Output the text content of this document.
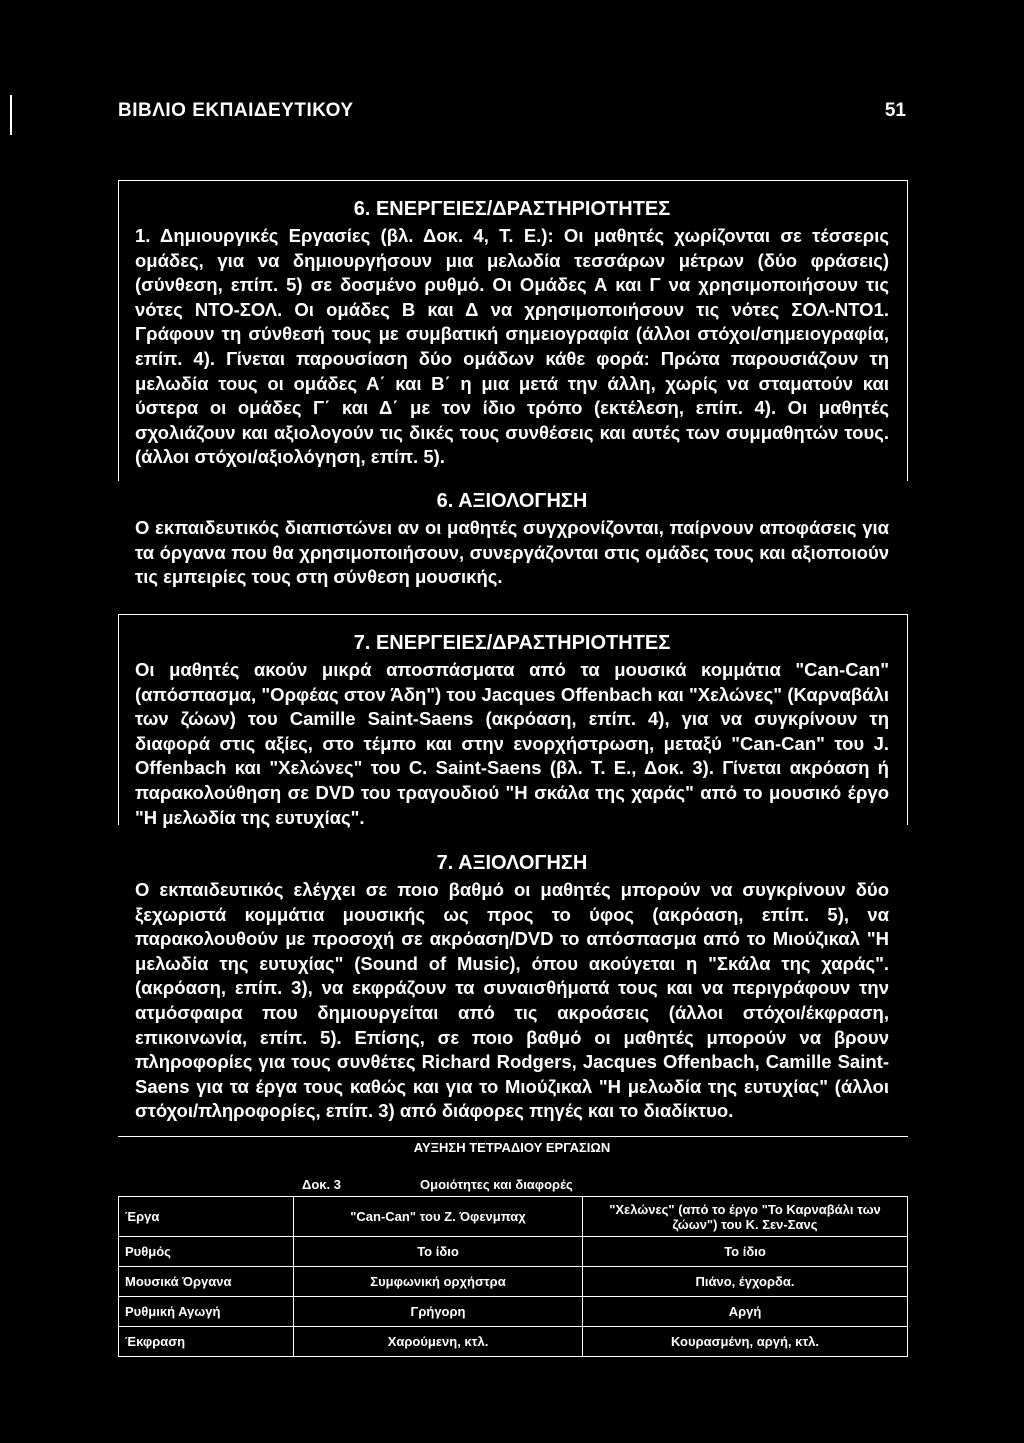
ΒΙΒΛΙΟ ΕΚΠΑΙΔΕΥΤΙΚΟΥ	51
6. ΕΝΕΡΓΕΙΕΣ/ΔΡΑΣΤΗΡΙΟΤΗΤΕΣ
1. Δημιουργικές Εργασίες (βλ. Δοκ. 4, Τ. Ε.): Οι μαθητές χωρίζονται σε τέσσερις ομάδες, για να δημιουργήσουν μια μελωδία τεσσάρων μέτρων (δύο φράσεις) (σύνθεση, επίπ. 5) σε δοσμένο ρυθμό. Οι Ομάδες Α και Γ να χρησιμοποιήσουν τις νότες ΝΤΟ-ΣΟΛ. Οι ομάδες Β και Δ να χρησιμοποιήσουν τις νότες ΣΟΛ-ΝΤΟ1. Γράφουν τη σύνθεσή τους με συμβατική σημειογραφία (άλλοι στόχοι/σημειογραφία, επίπ. 4). Γίνεται παρουσίαση δύο ομάδων κάθε φορά: Πρώτα παρουσιάζουν τη μελωδία τους οι ομάδες Α΄ και Β΄ η μια μετά την άλλη, χωρίς να σταματούν και ύστερα οι ομάδες Γ΄ και Δ΄ με τον ίδιο τρόπο (εκτέλεση, επίπ. 4). Οι μαθητές σχολιάζουν και αξιολογούν τις δικές τους συνθέσεις και αυτές των συμμαθητών τους. (άλλοι στόχοι/αξιολόγηση, επίπ. 5).
6. ΑΞΙΟΛΟΓΗΣΗ
Ο εκπαιδευτικός διαπιστώνει αν οι μαθητές συγχρονίζονται, παίρνουν αποφάσεις για τα όργανα που θα χρησιμοποιήσουν, συνεργάζονται στις ομάδες τους και αξιοποιούν τις εμπειρίες τους στη σύνθεση μουσικής.
7. ΕΝΕΡΓΕΙΕΣ/ΔΡΑΣΤΗΡΙΟΤΗΤΕΣ
Οι μαθητές ακούν μικρά αποσπάσματα από τα μουσικά κομμάτια "Can-Can" (απόσπασμα, "Ορφέας στον Άδη") του Jacques Offenbach και "Χελώνες" (Καρναβάλι των ζώων) του Camille Saint-Saens (ακρόαση, επίπ. 4), για να συγκρίνουν τη διαφορά στις αξίες, στο τέμπο και στην ενορχήστρωση, μεταξύ "Can-Can" του J. Offenbach και "Χελώνες" του C. Saint-Saens (βλ. Τ. Ε., Δοκ. 3). Γίνεται ακρόαση ή παρακολούθηση σε DVD του τραγουδιού "Η σκάλα της χαράς" από το μουσικό έργο "Η μελωδία της ευτυχίας".
7. ΑΞΙΟΛΟΓΗΣΗ
Ο εκπαιδευτικός ελέγχει σε ποιο βαθμό οι μαθητές μπορούν να συγκρίνουν δύο ξεχωριστά κομμάτια μουσικής ως προς το ύφος (ακρόαση, επίπ. 5), να παρακολουθούν με προσοχή σε ακρόαση/DVD το απόσπασμα από το Μιούζικαλ "Η μελωδία της ευτυχίας" (Sound of Music), όπου ακούγεται η "Σκάλα της χαράς". (ακρόαση, επίπ. 3), να εκφράζουν τα συναισθήματά τους και να περιγράφουν την ατμόσφαιρα που δημιουργείται από τις ακροάσεις (άλλοι στόχοι/έκφραση, επικοινωνία, επίπ. 5). Επίσης, σε ποιο βαθμό οι μαθητές μπορούν να βρουν πληροφορίες για τους συνθέτες Richard Rodgers, Jacques Offenbach, Camille Saint-Saens για τα έργα τους καθώς και για το Μιούζικαλ "Η μελωδία της ευτυχίας" (άλλοι στόχοι/πληροφορίες, επίπ. 3) από διάφορες πηγές και το διαδίκτυο.
ΑΥΞΗΣΗ ΤΕΤΡΑΔΙΟΥ ΕΡΓΑΣΙΩΝ
Δοκ. 3	Ομοιότητες και διαφορές
Έργα	"Can-Can" του Ζ. Όφενμπαχ	"Χελώνες" (από το έργο "Το Καρναβάλι των ζώων") του Κ. Σεν-Σανς
Ρυθμός	Το ίδιο	Το ίδιο
Μουσικά Όργανα	Συμφωνική ορχήστρα	Πιάνο, έγχορδα.
Ρυθμική Αγωγή	Γρήγορη	Αργή
Έκφραση	Χαρούμενη, κτλ.	Κουρασμένη, αργή, κτλ.
